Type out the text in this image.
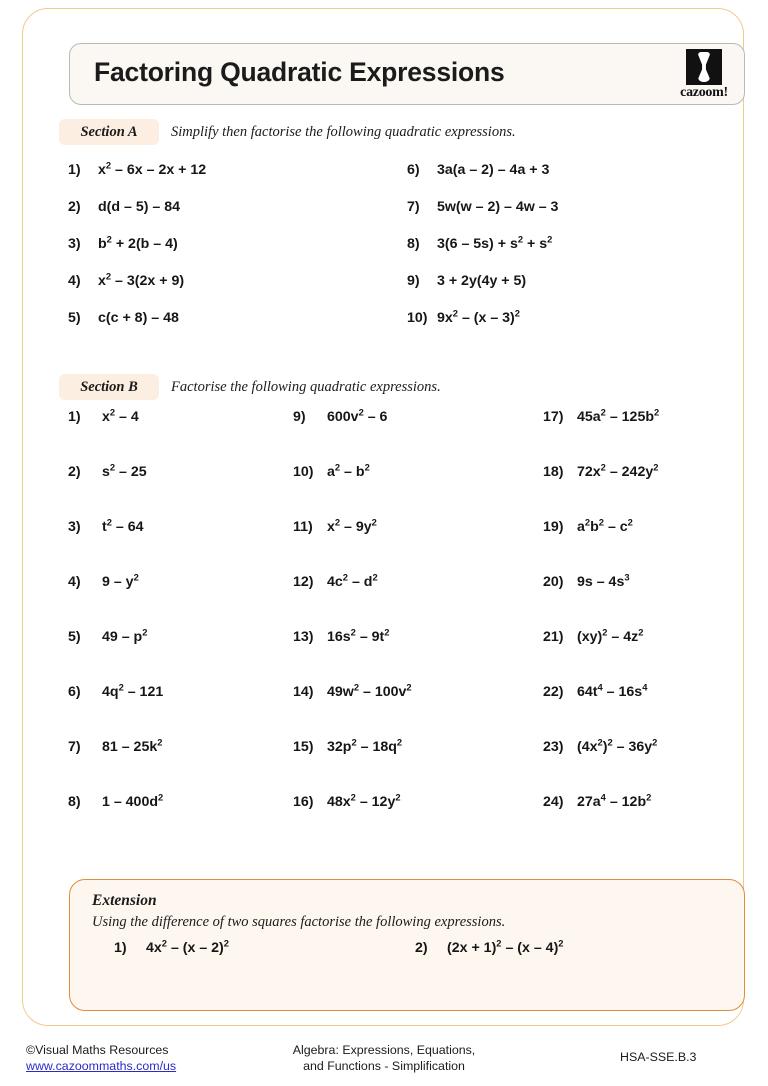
Factoring Quadratic Expressions
cazoom!
Section A	Simplify then factorise the following quadratic expressions.
1) $x^2 - 6x - 2x + 12$
2) d(d – 5) – 84
3) $b^2 + 2(b - 4)$
4) $x^2 - 3(2x + 9)$
5) c(c + 8) – 48
6) 3a(a – 2) – 4a + 3
7) 5w(w – 2) – 4w – 3
8) $3(6 - 5s) + s^2 + s^2$
9) 3 + 2y(4y + 5)
10) $9x^2 - (x - 3)^2$
Section B	Factorise the following quadratic expressions.
1) $x^2 - 4$
2) $s^2 - 25$
3) $t^2 - 64$
4) $9 - y^2$
5) $49 - p^2$
6) $4q^2 - 121$
7) $81 - 25k^2$
8) $1 - 400d^2$
9) $600v^2 - 6$
10) $a^2 - b^2$
11) $x^2 - 9y^2$
12) $4c^2 - d^2$
13) $16s^2 - 9t^2$
14) $49w^2 - 100v^2$
15) $32p^2 - 18q^2$
16) $48x^2 - 12y^2$
17) $45a^2 - 125b^2$
18) $72x^2 - 242y^2$
19) $a^2b^2 - c^2$
20) $9s - 4s^3$
21) $(xy)^2 - 4z^2$
22) $64t^4 - 16s^4$
23) $(4x^2)^2 - 36y^2$
24) $27a^4 - 12b^2$
Extension
Using the difference of two squares factorise the following expressions.
1) $4x^2 - (x - 2)^2$	2) $(2x + 1)^2 - (x - 4)^2$
©Visual Maths Resources
www.cazoommaths.com/us
Algebra: Expressions, Equations,
and Functions - Simplification
HSA-SSE.B.3
